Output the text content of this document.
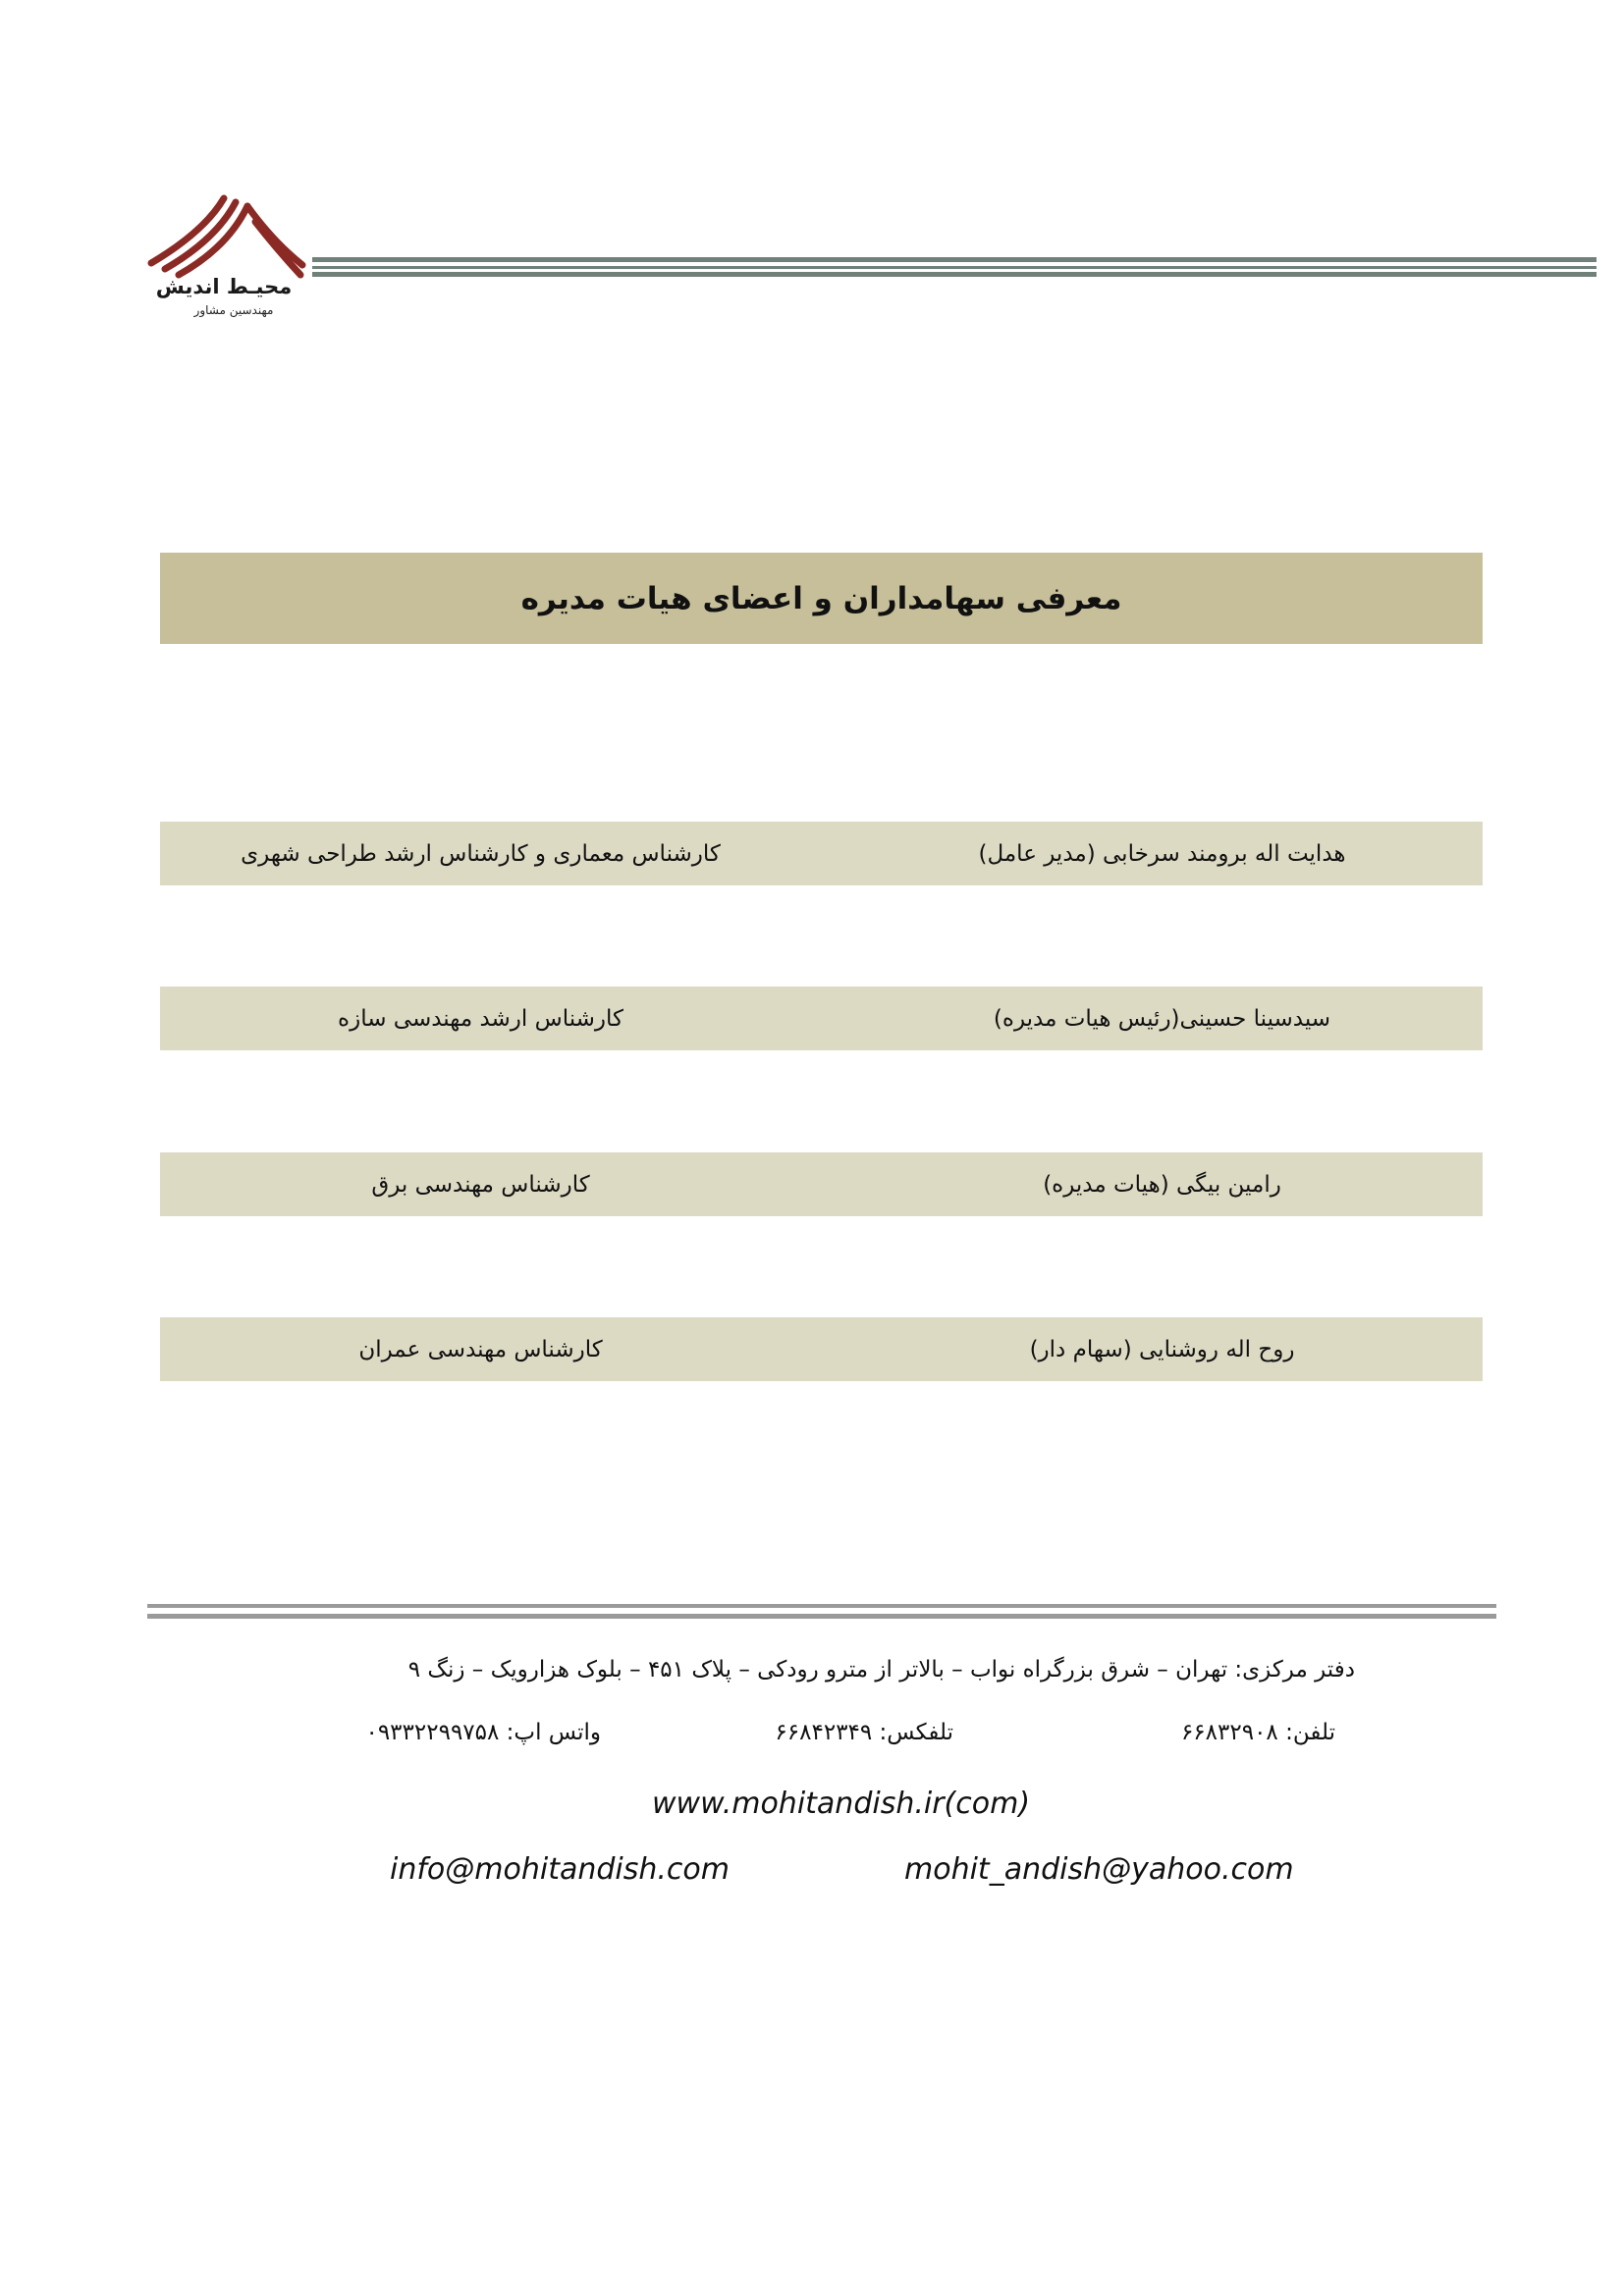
محیـط اندیش
مهندسین مشاور
معرفی سهامداران و اعضای هیات مدیره
هدایت اله برومند سرخابی (مدیر عامل)
کارشناس معماری و کارشناس ارشد طراحی شهری
سیدسینا حسینی(رئیس هیات مدیره)
کارشناس ارشد مهندسی سازه
رامین بیگی (هیات مدیره)
کارشناس مهندسی برق
روح اله روشنایی (سهام دار)
کارشناس مهندسی عمران
دفتر مرکزی: تهران – شرق بزرگراه نواب – بالاتر از مترو رودکی – پلاک ۴۵۱ – بلوک هزارویک – زنگ ۹
تلفن: ۶۶۸۳۲۹۰۸
تلفکس: ۶۶۸۴۲۳۴۹
واتس اپ: ۰۹۳۳۲۲۹۹۷۵۸
www.mohitandish.ir(com)
info@mohitandish.com	mohit_andish@yahoo.com
